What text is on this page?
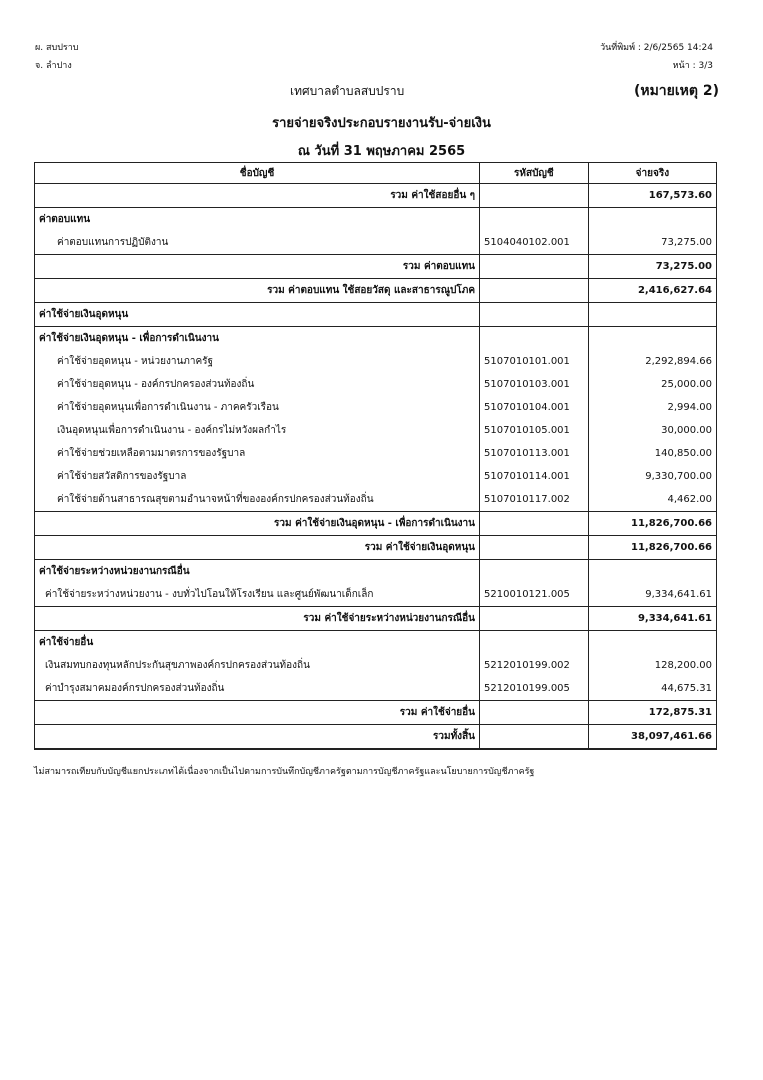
ผ. สบปราบ
จ. ลำปาง
วันที่พิมพ์ : 2/6/2565 14:24
หน้า : 3/3
เทศบาลตำบลสบปราบ	(หมายเหตุ 2)
รายจ่ายจริงประกอบรายงานรับ-จ่ายเงิน
ณ วันที่ 31 พฤษภาคม 2565
ชื่อบัญชี	รหัสบัญชี	จ่ายจริง
รวม ค่าใช้สอยอื่น ๆ		167,573.60
ค่าตอบแทน		
ค่าตอบแทนการปฏิบัติงาน	5104040102.001	73,275.00
รวม ค่าตอบแทน		73,275.00
รวม ค่าตอบแทน ใช้สอยวัสดุ และสาธารณูปโภค		2,416,627.64
ค่าใช้จ่ายเงินอุดหนุน		
ค่าใช้จ่ายเงินอุดหนุน - เพื่อการดำเนินงาน		
ค่าใช้จ่ายอุดหนุน - หน่วยงานภาครัฐ	5107010101.001	2,292,894.66
ค่าใช้จ่ายอุดหนุน - องค์กรปกครองส่วนท้องถิ่น	5107010103.001	25,000.00
ค่าใช้จ่ายอุดหนุนเพื่อการดำเนินงาน - ภาคครัวเรือน	5107010104.001	2,994.00
เงินอุดหนุนเพื่อการดำเนินงาน - องค์กรไม่หวังผลกำไร	5107010105.001	30,000.00
ค่าใช้จ่ายช่วยเหลือตามมาตรการของรัฐบาล	5107010113.001	140,850.00
ค่าใช้จ่ายสวัสดิการของรัฐบาล	5107010114.001	9,330,700.00
ค่าใช้จ่ายด้านสาธารณสุขตามอำนาจหน้าที่ขององค์กรปกครองส่วนท้องถิ่น	5107010117.002	4,462.00
รวม ค่าใช้จ่ายเงินอุดหนุน - เพื่อการดำเนินงาน		11,826,700.66
รวม ค่าใช้จ่ายเงินอุดหนุน		11,826,700.66
ค่าใช้จ่ายระหว่างหน่วยงานกรณีอื่น		
ค่าใช้จ่ายระหว่างหน่วยงาน - งบทั่วไปโอนให้โรงเรียน และศูนย์พัฒนาเด็กเล็ก	5210010121.005	9,334,641.61
รวม ค่าใช้จ่ายระหว่างหน่วยงานกรณีอื่น		9,334,641.61
ค่าใช้จ่ายอื่น		
เงินสมทบกองทุนหลักประกันสุขภาพองค์กรปกครองส่วนท้องถิ่น	5212010199.002	128,200.00
ค่าบำรุงสมาคมองค์กรปกครองส่วนท้องถิ่น	5212010199.005	44,675.31
รวม ค่าใช้จ่ายอื่น		172,875.31
รวมทั้งสิ้น		38,097,461.66
ไม่สามารถเทียบกับบัญชีแยกประเภทได้เนื่องจากเป็นไปตามการบันทึกบัญชีภาครัฐตามการบัญชีภาครัฐและนโยบายการบัญชีภาครัฐ
